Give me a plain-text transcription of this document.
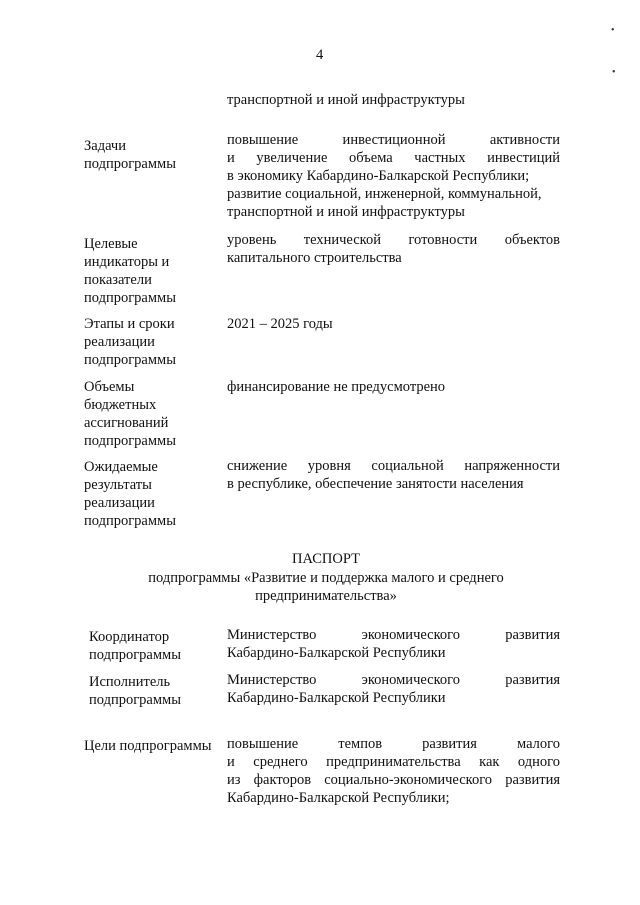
•
•
4
транспортной и иной инфраструктуры
Задачи
подпрограммы
повышение инвестиционной активности
и увеличение объема частных инвестиций
в экономику Кабардино-Балкарской Республики;
развитие социальной, инженерной, коммунальной,
транспортной и иной инфраструктуры
Целевые
индикаторы и
показатели
подпрограммы
уровень технической готовности объектов
капитального строительства
Этапы и сроки
реализации
подпрограммы
2021 – 2025 годы
Объемы
бюджетных
ассигнований
подпрограммы
финансирование не предусмотрено
Ожидаемые
результаты
реализации
подпрограммы
снижение уровня социальной напряженности
в республике, обеспечение занятости населения
ПАСПОРТ
подпрограммы «Развитие и поддержка малого и среднего
предпринимательства»
Координатор
подпрограммы
Министерство экономического развития
Кабардино-Балкарской Республики
Исполнитель
подпрограммы
Министерство экономического развития
Кабардино-Балкарской Республики
Цели подпрограммы	повышение темпов развития малого
и среднего предпринимательства как одного
из факторов социально-экономического развития
Кабардино-Балкарской Республики;
